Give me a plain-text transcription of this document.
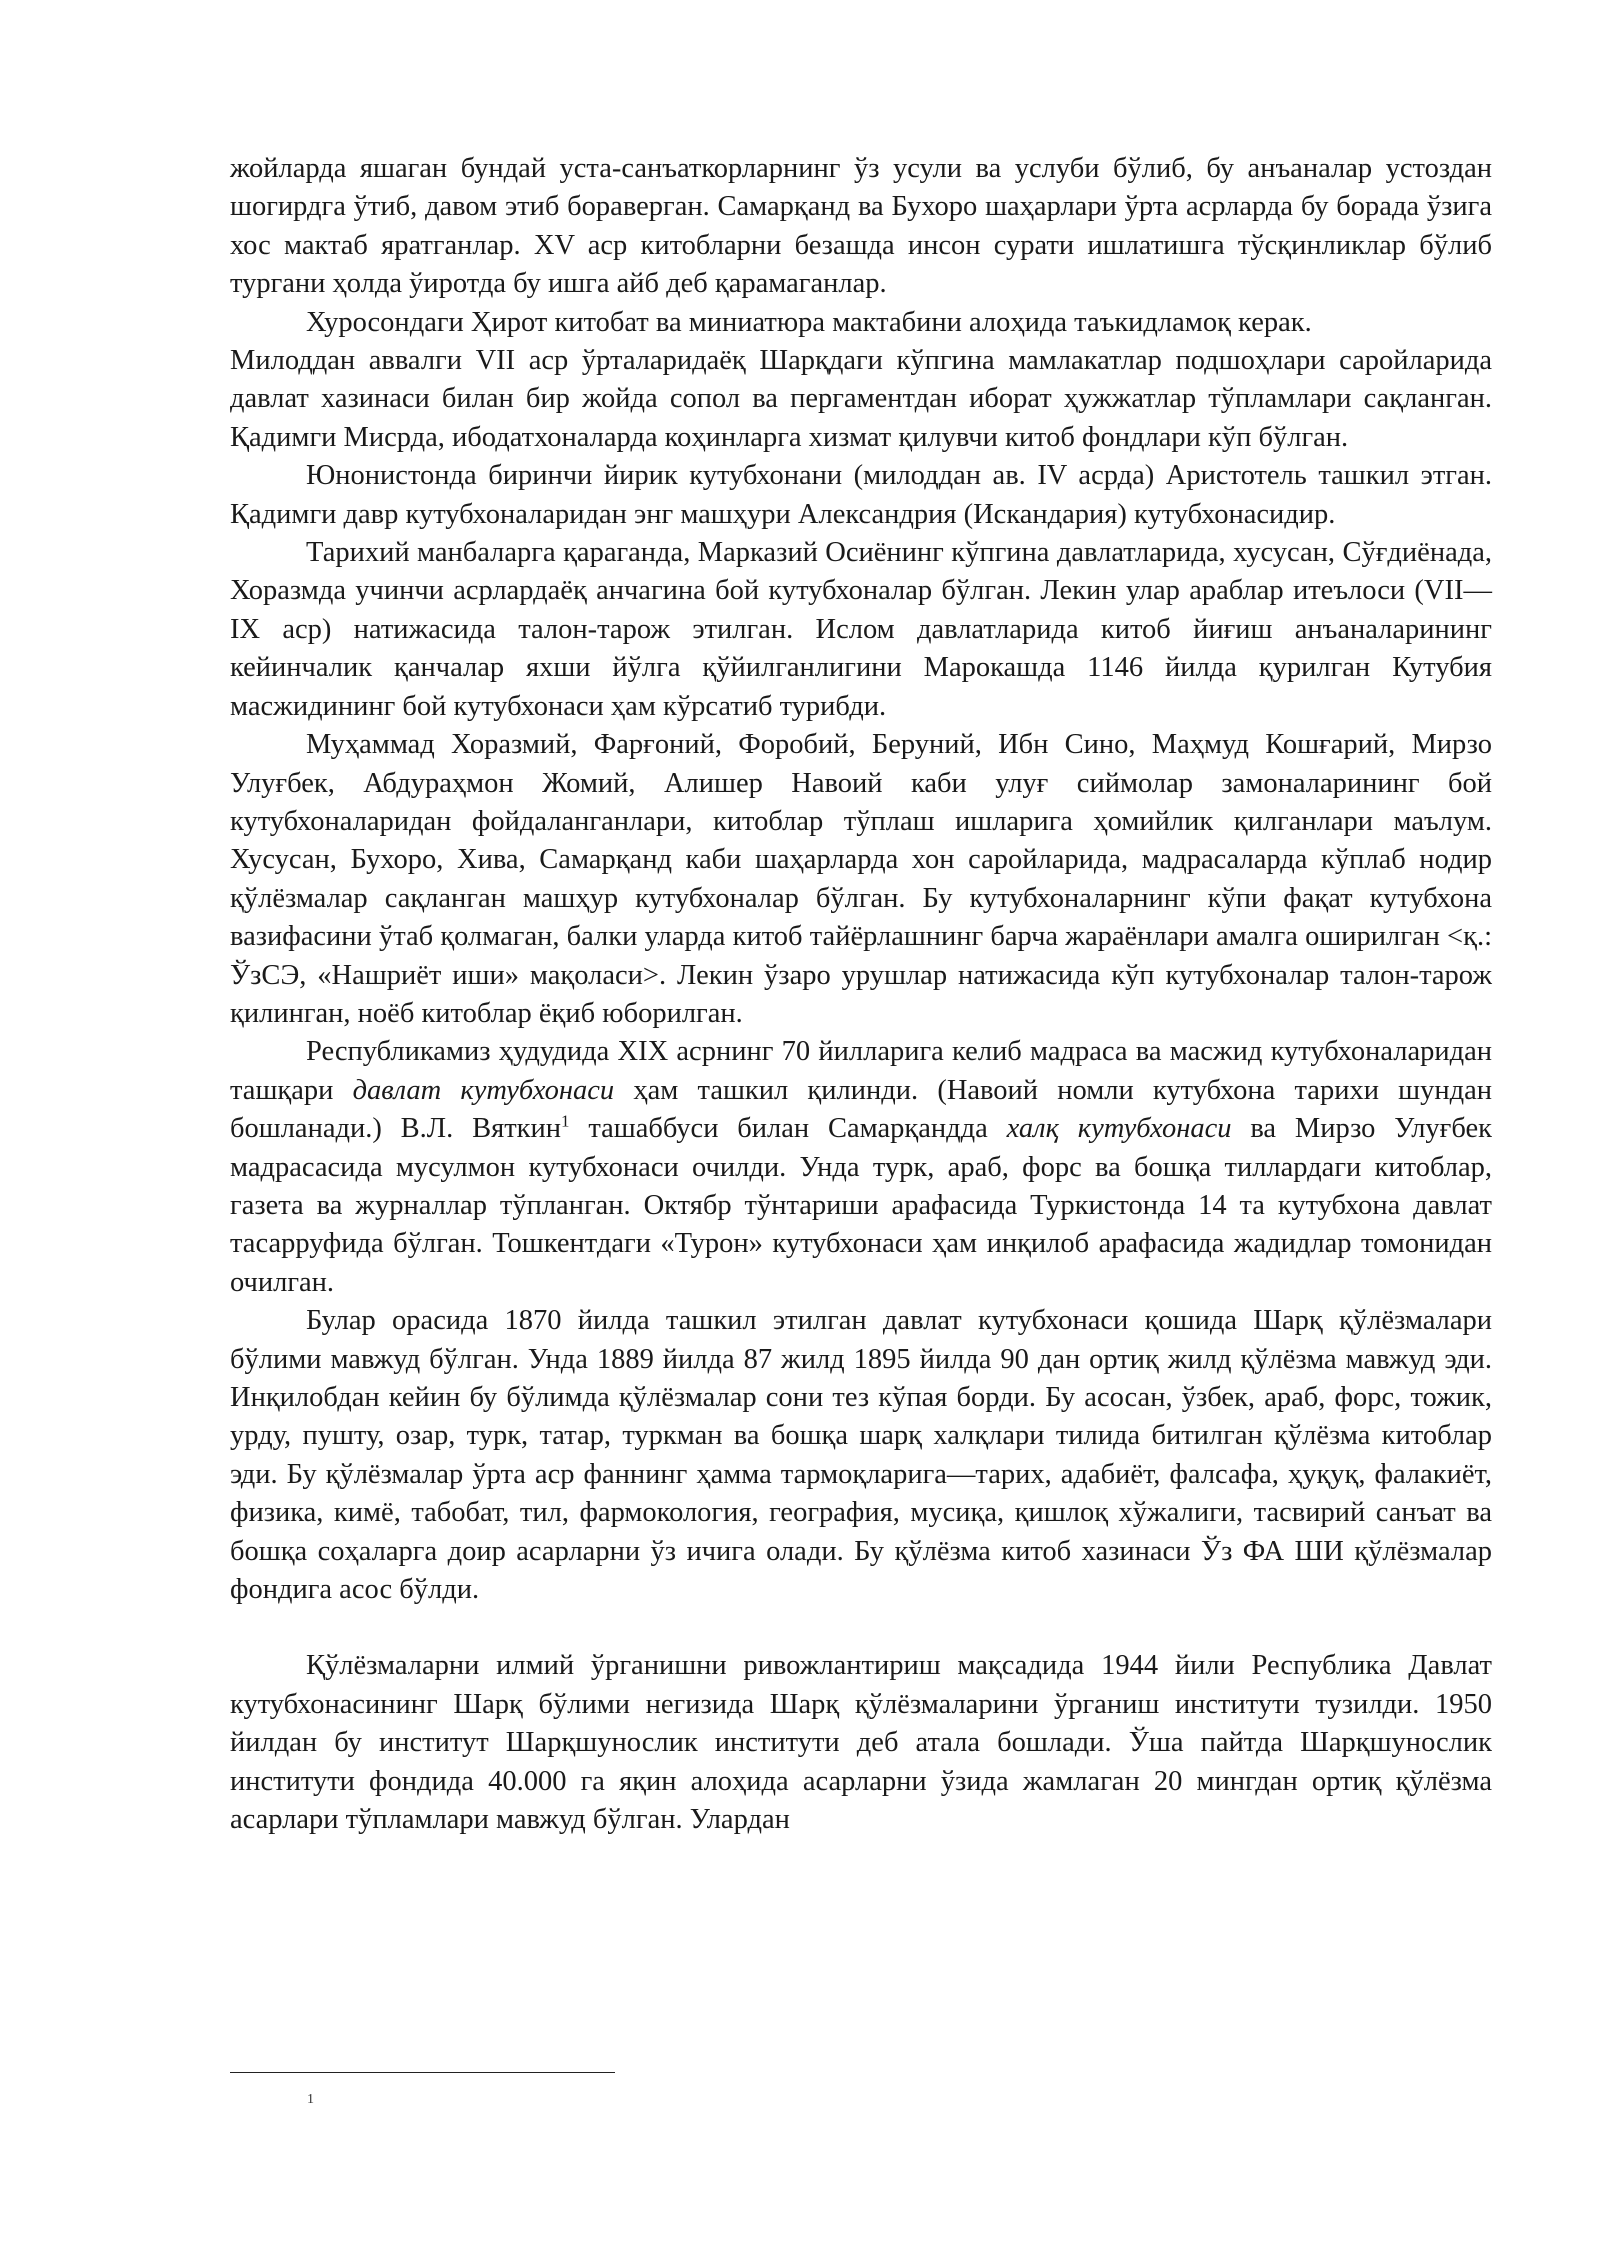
жойларда яшаган бундай уста-санъаткорларнинг ўз усули ва услуби бўлиб, бу анъаналар устоздан шогирдга ўтиб, давом этиб бораверган. Самарқанд ва Бухоро шаҳарлари ўрта асрларда бу борада ўзига хос мактаб яратганлар. XV аср китобларни безашда инсон сурати ишлатишга тўсқинликлар бўлиб тургани ҳолда ўиротда бу ишга айб деб қарамаганлар.

Хуросондаги Ҳирот китобат ва миниатюра мактабини алоҳида таъкидламоқ керак.

Милоддан аввалги VII аср ўрталаридаёқ Шарқдаги кўпгина мамлакатлар подшоҳлари саройларида давлат хазинаси билан бир жойда сопол ва пергаментдан иборат ҳужжатлар тўпламлари сақланган. Қадимги Мисрда, ибодатхоналарда коҳинларга хизмат қилувчи китоб фондлари кўп бўлган.

Юнонистонда биринчи йирик кутубхонани (милоддан ав. IV асрда) Аристотель ташкил этган. Қадимги давр кутубхоналаридан энг машҳури Александрия (Искандария) кутубхонасидир.

Тарихий манбаларга қараганда, Марказий Осиёнинг кўпгина давлатларида, хусусан, Сўғдиёнада, Хоразмда учинчи асрлардаёқ анчагина бой кутубхоналар бўлган. Лекин улар араблар итеълоси (VII—IX аср) натижасида талон-тарож этилган. Ислом давлатларида китоб йиғиш анъаналарининг кейинчалик қанчалар яхши йўлга қўйилганлигини Марокашда 1146 йилда қурилган Кутубия масжидининг бой кутубхонаси ҳам кўрсатиб турибди.

Муҳаммад Хоразмий, Фарғоний, Форобий, Беруний, Ибн Сино, Маҳмуд Кошғарий, Мирзо Улуғбек, Абдураҳмон Жомий, Алишер Навоий каби улуғ сиймолар замоналарининг бой кутубхоналаридан фойдаланганлари, китоблар тўплаш ишларига ҳомийлик қилганлари маълум. Хусусан, Бухоро, Хива, Самарқанд каби шаҳарларда хон саройларида, мадрасаларда кўплаб нодир қўлёзмалар сақланган машҳур кутубхоналар бўлган. Бу кутубхоналарнинг кўпи фақат кутубхона вазифасини ўтаб қолмаган, балки уларда китоб тайёрлашнинг барча жараёнлари амалга оширилган <қ.: ЎзСЭ, «Нашриёт иши» мақоласи>. Лекин ўзаро урушлар натижасида кўп кутубхоналар талон-тарож қилинган, ноёб китоблар ёқиб юборилган.

Республикамиз ҳудудида XIX асрнинг 70 йилларига келиб мадраса ва масжид кутубхоналаридан ташқари давлат кутубхонаси ҳам ташкил қилинди. (Навоий номли кутубхона тарихи шундан бошланади.) В.Л. Вяткин$^1$ ташаббуси билан Самарқандда халқ кутубхонаси ва Мирзо Улуғбек мадрасасида мусулмон кутубхонаси очилди. Унда турк, араб, форс ва бошқа тиллардаги китоблар, газета ва журналлар тўпланган. Октябр тўнтариши арафасида Туркистонда 14 та кутубхона давлат тасарруфида бўлган. Тошкентдаги «Турон» кутубхонаси ҳам инқилоб арафасида жадидлар томонидан очилган.

Булар орасида 1870 йилда ташкил этилган давлат кутубхонаси қошида Шарқ қўлёзмалари бўлими мавжуд бўлган. Унда 1889 йилда 87 жилд 1895 йилда 90 дан ортиқ жилд қўлёзма мавжуд эди. Инқилобдан кейин бу бўлимда қўлёзмалар сони тез кўпая борди. Бу асосан, ўзбек, араб, форс, тожик, урду, пушту, озар, турк, татар, туркман ва бошқа шарқ халқлари тилида битилган қўлёзма китоблар эди. Бу қўлёзмалар ўрта аср фаннинг ҳамма тармоқларига—тарих, адабиёт, фалсафа, ҳуқуқ, фалакиёт, физика, кимё, табобат, тил, фармокология, география, мусиқа, қишлоқ хўжалиги, тасвирий санъат ва бошқа соҳаларга доир асарларни ўз ичига олади. Бу қўлёзма китоб хазинаси Ўз ФА ШИ қўлёзмалар фондига асос бўлди.

Қўлёзмаларни илмий ўрганишни ривожлантириш мақсадида 1944 йили Республика Давлат кутубхонасининг Шарқ бўлими негизида Шарқ қўлёзмаларини ўрганиш институти тузилди. 1950 йилдан бу институт Шарқшунослик институти деб атала бошлади. Ўша пайтда Шарқшунослик институти фондида 40.000 га яқин алоҳида асарларни ўзида жамлаган 20 мингдан ортиқ қўлёзма асарлари тўпламлари мавжуд бўлган. Улардан

1
